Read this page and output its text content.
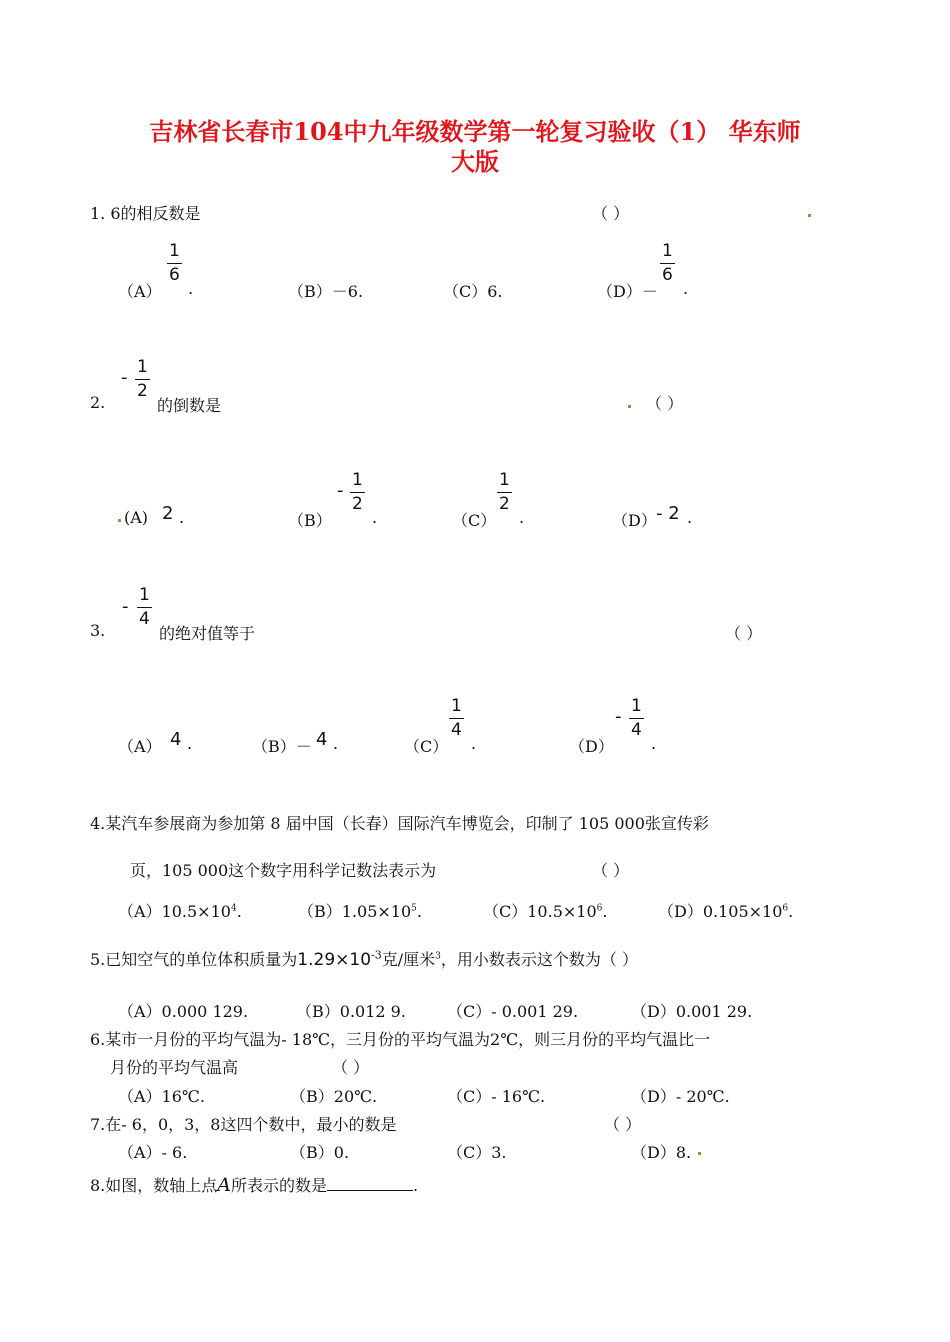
吉林省长春市104中九年级数学第一轮复习验收（1） 华东师
大版
1. 6的相反数是	（ ）
（A）
1
6
.	（B）－6.	（C）6.	（D）－
1
6
.
2.
- 1
2
的倒数是	（ ）
(A) 2 .	（B）
- 1
2
.	（C）
1
2
.	（D） - 2 .
3.
-
1
4
的绝对值等于	（ ）
（A） 4 .	（B）－ 4 .	（C）
1
4
.	（D）
- 1
4
.
4.某汽车参展商为参加第 8 届中国（长春）国际汽车博览会，印制了 105 000张宣传彩
页，105 000这个数字用科学记数法表示为	（ ）
$(A)10.5\times 10^4$.	$(B)1.05\times 10^5$.	$(C)10.5\times 10^6$.	$(D)0.105\times 10^6$.
5.已知空气的单位体积质量为$1.29\times 10^{-3}$克/厘米$^3$，用小数表示这个数为（ ）
（A）0.000 129.	（B）0.012 9.	（C）- 0.001 29.	（D）0.001 29.
6.某市一月份的平均气温为- 18℃，三月份的平均气温为2℃，则三月份的平均气温比一
月份的平均气温高	（ ）
（A）16℃.	（B）20℃.	（C）- 16℃.	（D）- 20℃.
7.在- 6，0，3，8这四个数中，最小的数是	（ ）
（A）- 6.	（B）0.	（C）3.	（D）8.
8.如图，数轴上点A所表示的数是	.
